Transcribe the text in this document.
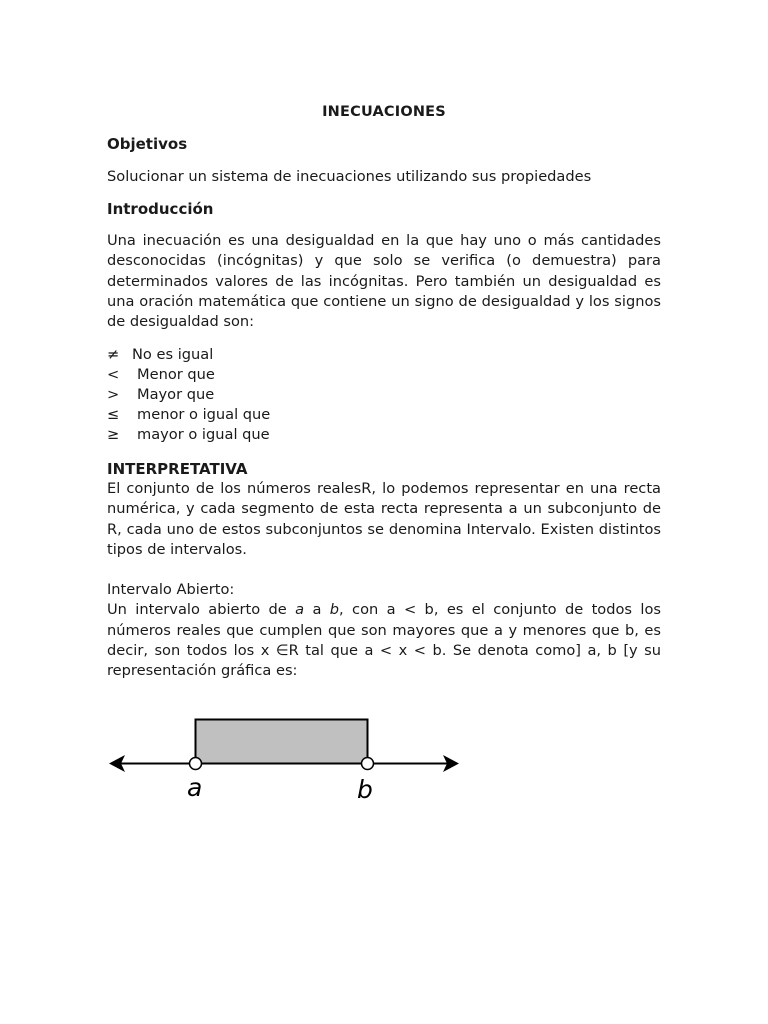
INECUACIONES
Objetivos
Solucionar un sistema de inecuaciones utilizando sus propiedades
Introducción
Una inecuación es una desigualdad en la que hay uno o más cantidades desconocidas (incógnitas) y que solo se verifica (o demuestra) para determinados valores de las incógnitas. Pero también un desigualdad es una oración matemática que contiene un signo de desigualdad y los signos de desigualdad son:
≠ No es igual
<	Menor que
>	Mayor que
≤	menor o igual que
≥	mayor o igual que
INTERPRETATIVA
El conjunto de los números realesR, lo podemos representar en una recta numérica, y cada segmento de esta recta representa a un subconjunto de R, cada uno de estos subconjuntos se denomina Intervalo. Existen distintos tipos de intervalos.
Intervalo Abierto:
Un intervalo abierto de a a b, con a < b, es el conjunto de todos los números reales que cumplen que son mayores que a y menores que b, es decir, son todos los x ∈R tal que a < x < b. Se denota como] a, b [y su representación gráfica es:
a	b
